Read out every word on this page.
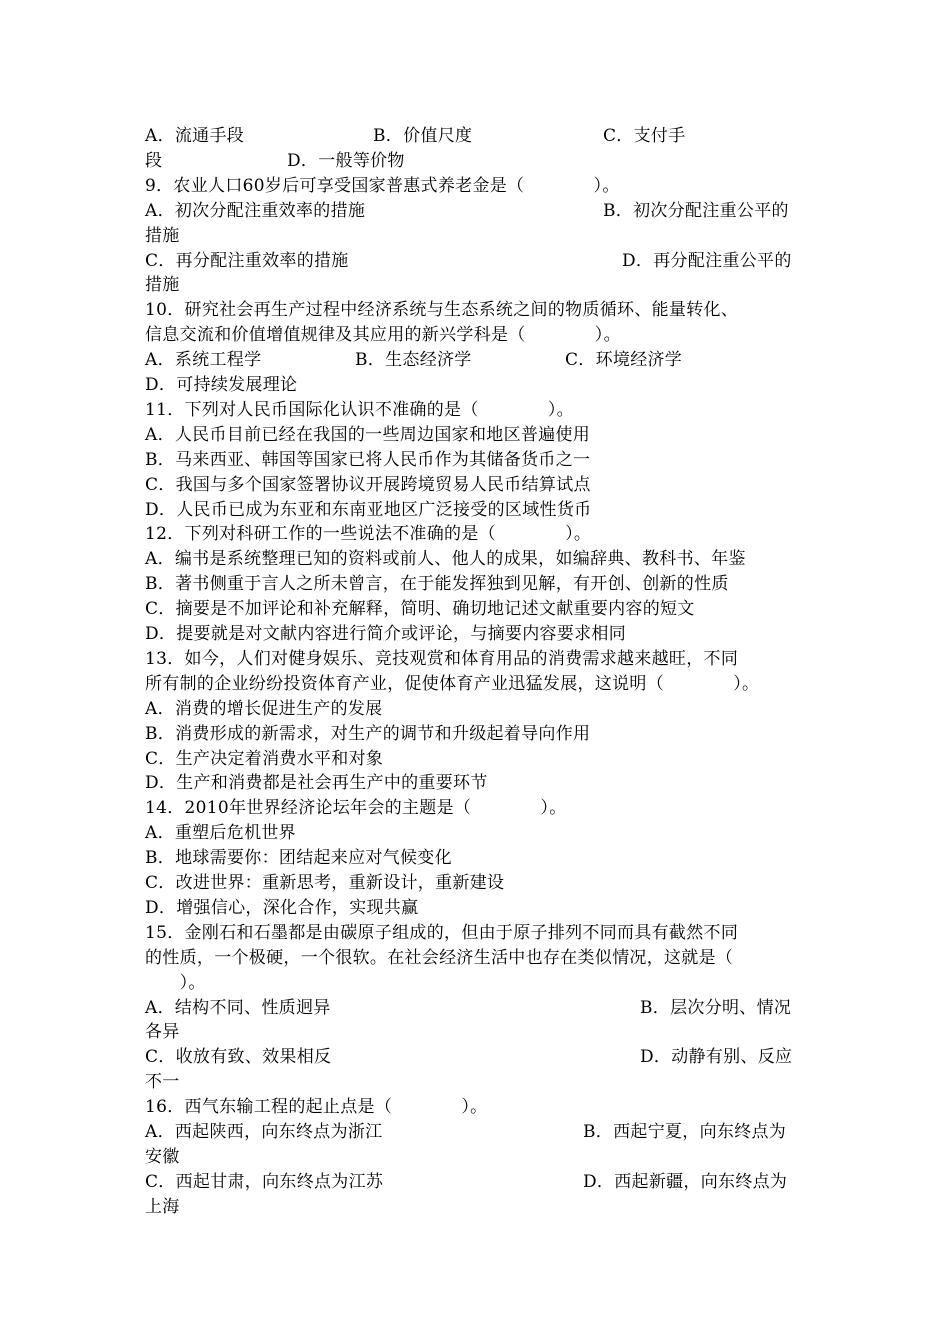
A．流通手段	B．价值尺度	C．支付手
段	D．一般等价物
9．农业人口60岁后可享受国家普惠式养老金是（　　　　）。
A．初次分配注重效率的措施	B．初次分配注重公平的
措施
C．再分配注重效率的措施	D．再分配注重公平的
措施
10．研究社会再生产过程中经济系统与生态系统之间的物质循环、能量转化、
信息交流和价值增值规律及其应用的新兴学科是（　　　　）。
A．系统工程学	B．生态经济学	C．环境经济学
D．可持续发展理论
11．下列对人民币国际化认识不准确的是（　　　　）。
A．人民币目前已经在我国的一些周边国家和地区普遍使用
B．马来西亚、韩国等国家已将人民币作为其储备货币之一
C．我国与多个国家签署协议开展跨境贸易人民币结算试点
D．人民币已成为东亚和东南亚地区广泛接受的区域性货币
12．下列对科研工作的一些说法不准确的是（　　　　）。
A．编书是系统整理已知的资料或前人、他人的成果，如编辞典、教科书、年鉴
B．著书侧重于言人之所未曾言，在于能发挥独到见解，有开创、创新的性质
C．摘要是不加评论和补充解释，简明、确切地记述文献重要内容的短文
D．提要就是对文献内容进行简介或评论，与摘要内容要求相同
13．如今，人们对健身娱乐、竞技观赏和体育用品的消费需求越来越旺，不同
所有制的企业纷纷投资体育产业，促使体育产业迅猛发展，这说明（　　　　）。
A．消费的增长促进生产的发展
B．消费形成的新需求，对生产的调节和升级起着导向作用
C．生产决定着消费水平和对象
D．生产和消费都是社会再生产中的重要环节
14．2010年世界经济论坛年会的主题是（　　　　）。
A．重塑后危机世界
B．地球需要你：团结起来应对气候变化
C．改进世界：重新思考，重新设计，重新建设
D．增强信心，深化合作，实现共赢
15．金刚石和石墨都是由碳原子组成的，但由于原子排列不同而具有截然不同
的性质，一个极硬，一个很软。在社会经济生活中也存在类似情况，这就是（
　　）。
A．结构不同、性质迥异	B．层次分明、情况
各异
C．收放有致、效果相反	D．动静有别、反应
不一
16．西气东输工程的起止点是（　　　　）。
A．西起陕西，向东终点为浙江	B．西起宁夏，向东终点为
安徽
C．西起甘肃，向东终点为江苏	D．西起新疆，向东终点为
上海
